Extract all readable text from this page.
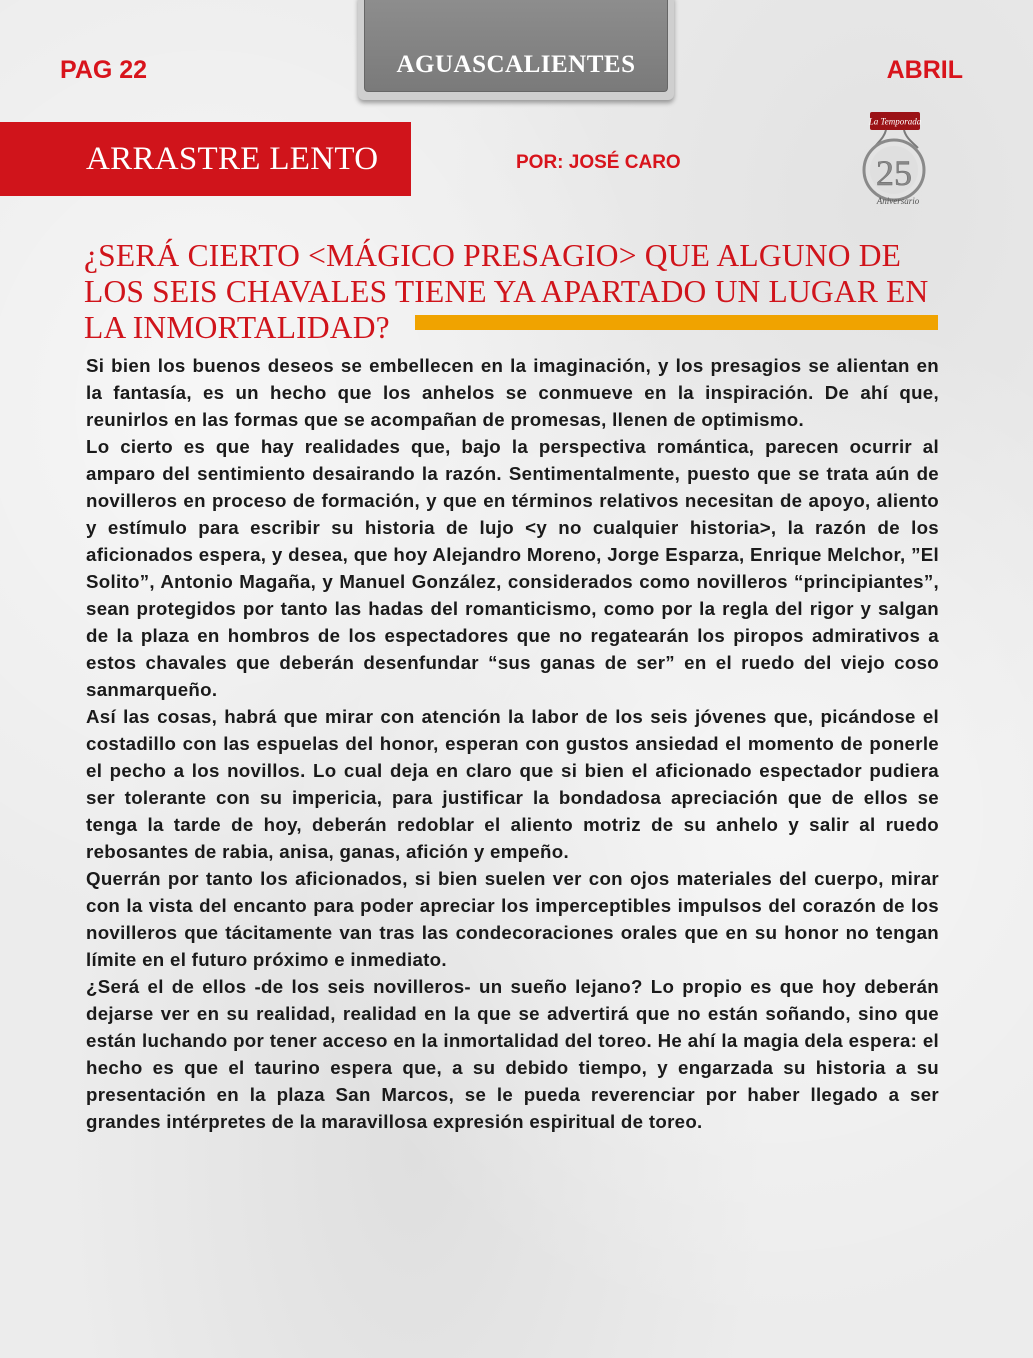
PAG 22	AGUASCALIENTES	ABRIL
ARRASTRE LENTO	POR: JOSÉ CARO
La Temporada
25
Aniversario
¿SERÁ CIERTO <MÁGICO PRESAGIO> QUE ALGUNO DE LOS SEIS CHAVALES TIENE YA APARTADO UN LUGAR EN LA INMORTALIDAD?

Si bien los buenos deseos se embellecen en la imaginación, y los presagios se alientan en la fantasía, es un hecho que los anhelos se conmueve en la inspiración. De ahí que, reunirlos en las formas que se acompañan de promesas, llenen de optimismo.

Lo cierto es que hay realidades que, bajo la perspectiva romántica, parecen ocurrir al amparo del sentimiento desairando la razón. Sentimentalmente, puesto que se trata aún de novilleros en proceso de formación, y que en términos relativos necesitan de apoyo, aliento y estímulo para escribir su historia de lujo <y no cualquier historia>, la razón de los aficionados espera, y desea, que hoy Alejandro Moreno, Jorge Esparza, Enrique Melchor, ”El Solito”, Antonio Magaña, y Manuel González, considerados como novilleros “principiantes”, sean protegidos por tanto las hadas del romanticismo, como por la regla del rigor y salgan de la plaza en hombros de los espectadores que no regatearán los piropos admirativos a estos chavales que deberán desenfundar “sus ganas de ser” en el ruedo del viejo coso sanmarqueño.

Así las cosas, habrá que mirar con atención la labor de los seis jóvenes que, picándose el costadillo con las espuelas del honor, esperan con gustos ansiedad el momento de ponerle el pecho a los novillos. Lo cual deja en claro que si bien el aficionado espectador pudiera ser tolerante con su impericia, para justificar la bondadosa apreciación que de ellos se tenga la tarde de hoy, deberán redoblar el aliento motriz de su anhelo y salir al ruedo rebosantes de rabia, anisa, ganas, afición y empeño.

Querrán por tanto los aficionados, si bien suelen ver con ojos materiales del cuerpo, mirar con la vista del encanto para poder apreciar los imperceptibles impulsos del corazón de los novilleros que tácitamente van tras las condecoraciones orales que en su honor no tengan límite en el futuro próximo e inmediato.

¿Será el de ellos -de los seis novilleros- un sueño lejano? Lo propio es que hoy deberán dejarse ver en su realidad, realidad en la que se advertirá que no están soñando, sino que están luchando por tener acceso en la inmortalidad del toreo. He ahí la magia dela espera: el hecho es que el taurino espera que, a su debido tiempo, y engarzada su historia a su presentación en la plaza San Marcos, se le pueda reverenciar por haber llegado a ser grandes intérpretes de la maravillosa expresión espiritual de toreo.
